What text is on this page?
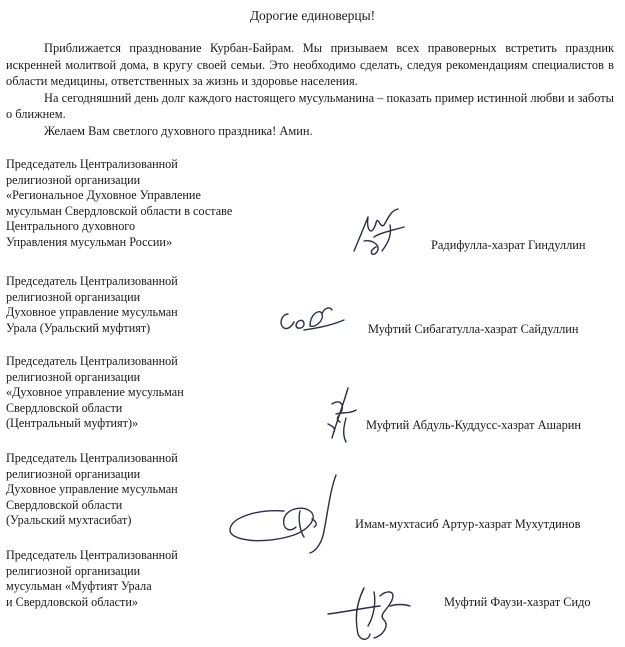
Дорогие единоверцы!

Приближается празднование Курбан-Байрам. Мы призываем всех правоверных встретить праздник искренней молитвой дома, в кругу своей семьи. Это необходимо сделать, следуя рекомендациям специалистов в области медицины, ответственных за жизнь и здоровье населения.

На сегодняшний день долг каждого настоящего мусульманина – показать пример истинной любви и заботы о ближнем.

Желаем Вам светлого духовного праздника! Амин.

Председатель Централизованной
религиозной организации
«Региональное Духовное Управление
мусульман Свердловской области в составе
Центрального духовного
Управления мусульман России»	Радифулла-хазрат Гиндуллин
Председатель Централизованной
религиозной организации
Духовное управление мусульман
Урала (Уральский муфтият)	Муфтий Сибагатулла-хазрат Сайдуллин
Председатель Централизованной
религиозной организации
«Духовное управление мусульман
Свердловской области
(Центральный муфтият)»	Муфтий Абдуль-Куддусс-хазрат Ашарин
Председатель Централизованной
религиозной организации
Духовное управление мусульман
Свердловской области
(Уральский мухтасибат)	Имам-мухтасиб Артур-хазрат Мухутдинов
Председатель Централизованной
религиозной организации
мусульман «Муфтият Урала
и Свердловской области»	Муфтий Фаузи-хазрат Сидо
